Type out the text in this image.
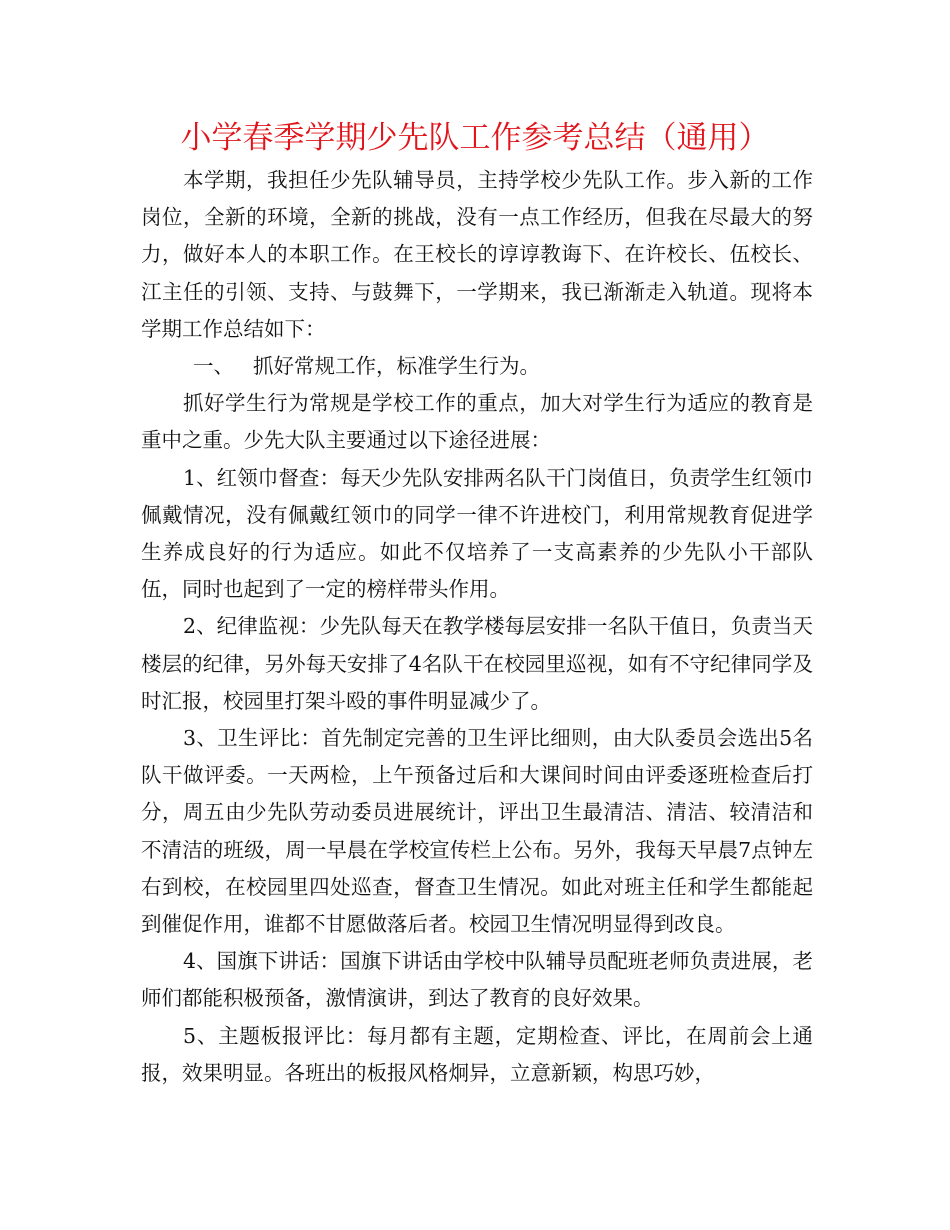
小学春季学期少先队工作参考总结（通用）

本学期，我担任少先队辅导员，主持学校少先队工作。步入新的工作岗位，全新的环境，全新的挑战，没有一点工作经历，但我在尽最大的努力，做好本人的本职工作。在王校长的谆谆教诲下、在许校长、伍校长、江主任的引领、支持、与鼓舞下，一学期来，我已渐渐走入轨道。现将本学期工作总结如下：

一、 抓好常规工作，标准学生行为。

抓好学生行为常规是学校工作的重点，加大对学生行为适应的教育是重中之重。少先大队主要通过以下途径进展：

1、红领巾督查：每天少先队安排两名队干门岗值日，负责学生红领巾佩戴情况，没有佩戴红领巾的同学一律不许进校门，利用常规教育促进学生养成良好的行为适应。如此不仅培养了一支高素养的少先队小干部队伍，同时也起到了一定的榜样带头作用。

2、纪律监视：少先队每天在教学楼每层安排一名队干值日，负责当天楼层的纪律，另外每天安排了4名队干在校园里巡视，如有不守纪律同学及时汇报，校园里打架斗殴的事件明显减少了。

3、卫生评比：首先制定完善的卫生评比细则，由大队委员会选出5名队干做评委。一天两检，上午预备过后和大课间时间由评委逐班检查后打分，周五由少先队劳动委员进展统计，评出卫生最清洁、清洁、较清洁和不清洁的班级，周一早晨在学校宣传栏上公布。另外，我每天早晨7点钟左右到校，在校园里四处巡查，督查卫生情况。如此对班主任和学生都能起到催促作用，谁都不甘愿做落后者。校园卫生情况明显得到改良。

4、国旗下讲话：国旗下讲话由学校中队辅导员配班老师负责进展，老师们都能积极预备，激情演讲，到达了教育的良好效果。

5、主题板报评比：每月都有主题，定期检查、评比，在周前会上通报，效果明显。各班出的板报风格炯异，立意新颖，构思巧妙，
